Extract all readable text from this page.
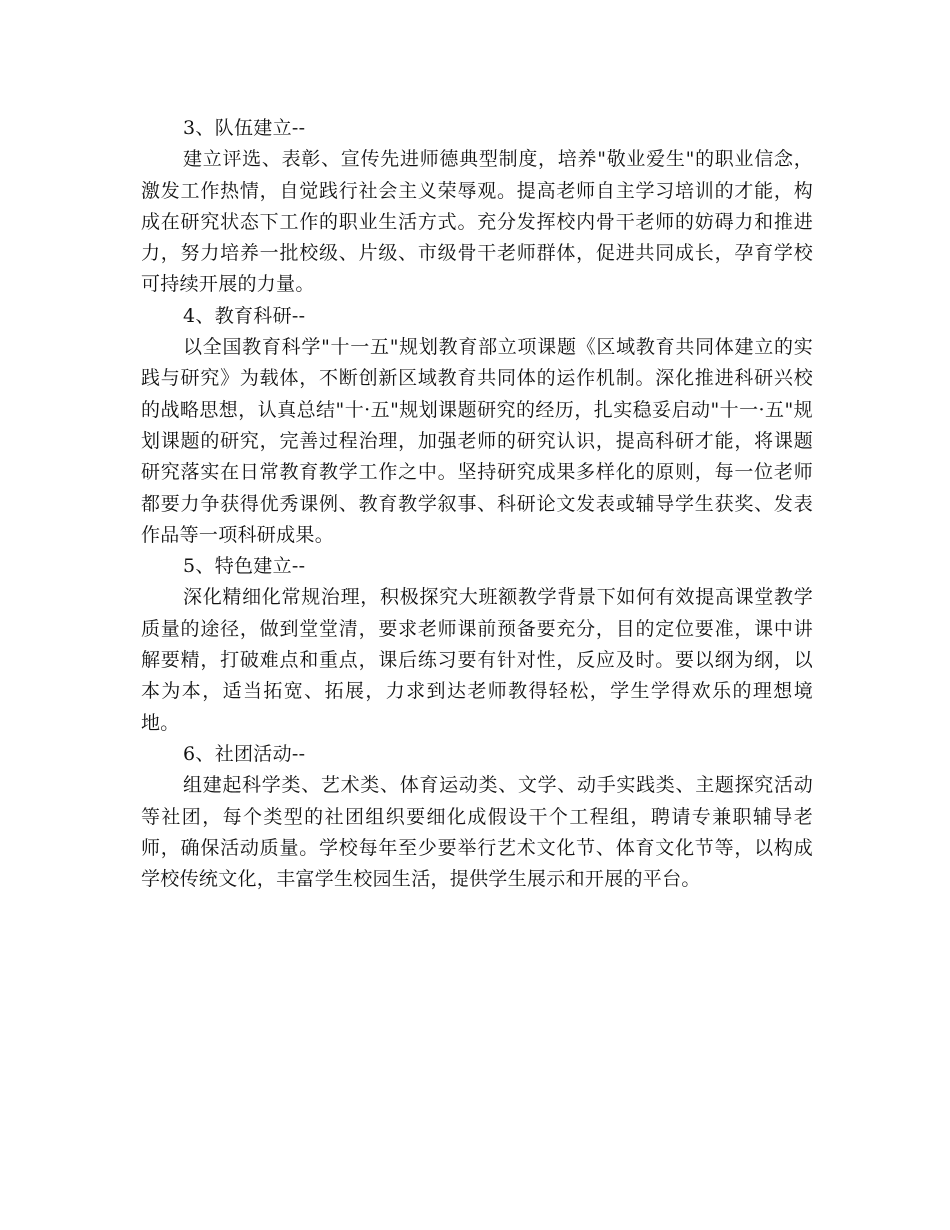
3、队伍建立--

建立评选、表彰、宣传先进师德典型制度，培养"敬业爱生"的职业信念，激发工作热情，自觉践行社会主义荣辱观。提高老师自主学习培训的才能，构成在研究状态下工作的职业生活方式。充分发挥校内骨干老师的妨碍力和推进力，努力培养一批校级、片级、市级骨干老师群体，促进共同成长，孕育学校可持续开展的力量。

4、教育科研--

以全国教育科学"十一五"规划教育部立项课题《区域教育共同体建立的实践与研究》为载体，不断创新区域教育共同体的运作机制。深化推进科研兴校的战略思想，认真总结"十·五"规划课题研究的经历，扎实稳妥启动"十一·五"规划课题的研究，完善过程治理，加强老师的研究认识，提高科研才能，将课题研究落实在日常教育教学工作之中。坚持研究成果多样化的原则，每一位老师都要力争获得优秀课例、教育教学叙事、科研论文发表或辅导学生获奖、发表作品等一项科研成果。

5、特色建立--

深化精细化常规治理，积极探究大班额教学背景下如何有效提高课堂教学质量的途径，做到堂堂清，要求老师课前预备要充分，目的定位要准，课中讲解要精，打破难点和重点，课后练习要有针对性，反应及时。要以纲为纲，以本为本，适当拓宽、拓展，力求到达老师教得轻松，学生学得欢乐的理想境地。

6、社团活动--

组建起科学类、艺术类、体育运动类、文学、动手实践类、主题探究活动等社团，每个类型的社团组织要细化成假设干个工程组，聘请专兼职辅导老师，确保活动质量。学校每年至少要举行艺术文化节、体育文化节等，以构成学校传统文化，丰富学生校园生活，提供学生展示和开展的平台。
